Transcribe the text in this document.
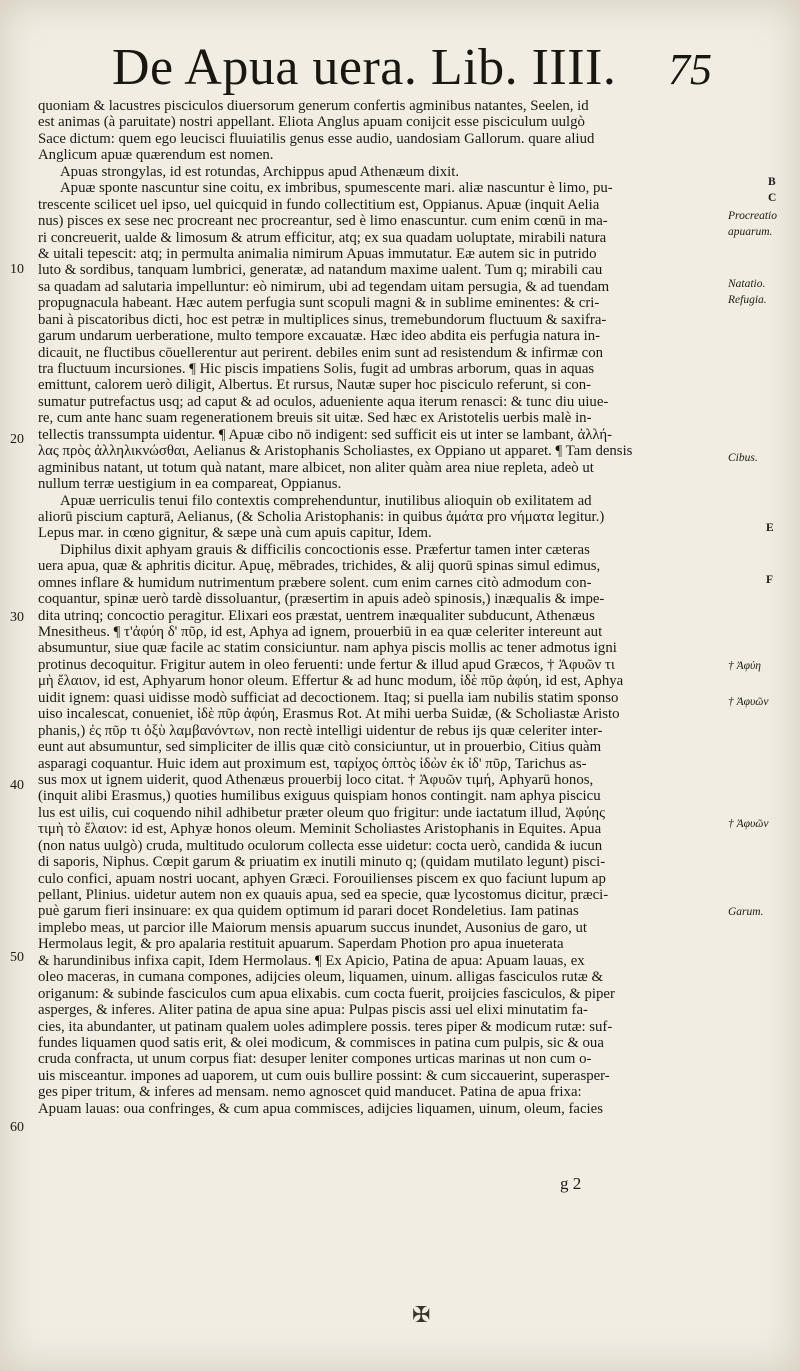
De Apua uera. Lib. IIII. 75
quoniam & lacustres pisciculos diuersorum generum confertis agminibus natantes, Seelen, id
est animas (à paruitate) nostri appellant. Eliota Anglus apuam conijcit esse pisciculum uulgò
Sace dictum: quem ego leucisci fluuiatilis genus esse audio, uandosiam Gallorum. quare aliud
Anglicum apuæ quærendum est nomen.
Apuas strongylas, id est rotundas, Archippus apud Athenæum dixit.
Apuæ sponte nascuntur sine coitu, ex imbribus, spumescente mari. aliæ nascuntur è limo, pu-
trescente scilicet uel ipso, uel quicquid in fundo collectitium est, Oppianus. Apuæ (inquit Aelia
nus) pisces ex sese nec procreant nec procreantur, sed è limo enascuntur. cum enim cœnū in ma-
ri concreuerit, ualde & limosum & atrum efficitur, atq; ex sua quadam uoluptate, mirabili natura
& uitali tepescit: atq; in permulta animalia nimirum Apuas immutatur. Eæ autem sic in putrido
luto & sordibus, tanquam lumbrici, generatæ, ad natandum maxime ualent. Tum q; mirabili cau
sa quadam ad salutaria impelluntur: eò nimirum, ubi ad tegendam uitam persugia, & ad tuendam
propugnacula habeant. Hæc autem perfugia sunt scopuli magni & in sublime eminentes: & cri-
bani à piscatoribus dicti, hoc est petræ in multiplices sinus, tremebundorum fluctuum & saxifra-
garum undarum uerberatione, multo tempore excauatæ. Hæc ideo abdita eis perfugia natura in-
dicauit, ne fluctibus cōuellerentur aut perirent. debiles enim sunt ad resistendum & infirmæ con
tra fluctuum incursiones. ¶ Hic piscis impatiens Solis, fugit ad umbras arborum, quas in aquas
emittunt, calorem uerò diligit, Albertus. Et rursus, Nautæ super hoc pisciculo referunt, si con-
sumatur putrefactus usq; ad caput & ad oculos, aduenientе aqua iterum renasci: & tunc diu uiue-
re, cum ante hanc suam regenerationem breuis sit uitæ. Sed hæc ex Aristotelis uerbis malè in-
tellectis transsumpta uidentur. ¶ Apuæ cibo nō indigent: sed sufficit eis ut inter se lambant, ἀλλή-
λας πρὸς ἀλληλικνώσθαι, Aelianus & Aristophanis Scholiastes, ex Oppiano ut apparet. ¶ Tam densis
agminibus natant, ut totum quà natant, mare albicet, non aliter quàm area niue repleta, adeò ut
nullum terræ uestigium in ea compareat, Oppianus.
Apuæ uerriculis tenui filo contextis comprehenduntur, inutilibus alioquin ob exilitatem ad
aliorū piscium capturā, Aelianus, (& Scholia Aristophanis: in quibus ἀμάτα pro νήματα legitur.)
Lepus mar. in cœno gignitur, & sæpe unà cum apuis capitur, Idem.
Diphilus dixit aphyam grauis & difficilis concoctionis esse. Præfertur tamen inter cæteras
uera apua, quæ & aphritis dicitur. Apuę, mēbrades, trichides, & alij quorū spinas simul edimus,
omnes inflare & humidum nutrimentum præbere solent. cum enim carnes citò admodum con-
coquantur, spinæ uerò tardè dissoluantur, (præsertim in apuis adeò spinosis,) inæqualis & impe-
dita utrinq; concoctio peragitur. Elixari eos præstat, uentrem inæqualiter subducunt, Athenæus
Mnesitheus. ¶ τ'ἀφύη δ' πῦρ, id est, Aphya ad ignem, prouerbiū in ea quæ celeriter intereunt aut
absumuntur, siue quæ facile ac statim consiciuntur. nam aphya piscis mollis ac tener admotus igni
protinus decoquitur. Frigitur autem in oleo feruenti: unde fertur & illud apud Græcos, † Ἀφυῶν τι
μὴ ἔλαιον, id est, Aphyarum honor oleum. Effertur & ad hunc modum, ἰδὲ πῦρ ἀφύη, id est, Aphya
uidit ignem: quasi uidisse modò sufficiat ad decoctionem. Itaq; si puella iam nubilis statim sponso
uiso incalescat, conueniet, ἰδὲ πῦρ ἀφύη, Erasmus Rot. At mihi uerba Suidæ, (& Scholiastæ Aristo
phanis,) ἐς πῦρ τι ὀξὺ λαμβανόντων, non rectè intelligi uidentur de rebus ijs quæ celeriter inter-
eunt aut absumuntur, sed simpliciter de illis quæ citò consiciuntur, ut in prouerbio, Citius quàm
asparagi coquantur. Huic idem aut proximum est, ταρίχος ὀπτὸς ἰδὼν ἐκ ἰδ' πῦρ, Tarichus as-
sus mox ut ignem uiderit, quod Athenæus prouerbij loco citat. † Ἀφυῶν τιμή, Aphyarū honos,
(inquit alibi Erasmus,) quoties humilibus exiguus quispiam honos contingit. nam aphya piscicu
lus est uilis, cui coquendo nihil adhibetur præter oleum quo frigitur: unde iactatum illud, Ἀφύης
τιμὴ τὸ ἔλαιον: id est, Aphyæ honos oleum. Meminit Scholiastes Aristophanis in Equites. Apua
(non natus uulgò) cruda, multitudo oculorum collecta esse uidetur: cocta uerò, candida & iucun
di saporis, Niphus. Cœpit garum & priuatim ex inutili minuto q; (quidam mutilato legunt) pisci-
culo confici, apuam nostri uocant, aphyen Græci. Forouilienses piscem ex quo faciunt lupum ap
pellant, Plinius. uidetur autem non ex quauis apua, sed ea specie, quæ lycostomus dicitur, præci-
puè garum fieri insinuare: ex qua quidem optimum id parari docet Rondeletius. Iam patinas
implebo meas, ut parcior ille Maiorum mensis apuarum succus inundet, Ausonius de garo, ut
Hermolaus legit, & pro apalaria restituit apuarum. Saperdam Photion pro apua inueterata
& harundinibus infixa capit, Idem Hermolaus. ¶ Ex Apicio, Patina de apua: Apuam lauas, ex
oleo maceras, in cumana compones, adijcies oleum, liquamen, uinum. alligas fasciculos rutæ &
origanum: & subinde fasciculos cum apua elixabis. cum cocta fuerit, proijcies fasciculos, & piper
asperges, & inferes. Aliter patina de apua sine apua: Pulpas piscis assi uel elixi minutatim fa-
cies, ita abundanter, ut patinam qualem uoles adimplere possis. teres piper & modicum rutæ: suf-
fundes liquamen quod satis erit, & olei modicum, & commisces in patina cum pulpis, sic & oua
cruda confracta, ut unum corpus fiat: desuper leniter compones urticas marinas ut non cum o-
uis misceantur. impones ad uaporem, ut cum ouis bullire possint: & cum siccauerint, superasper-
ges piper tritum, & inferes ad mensam. nemo agnoscet quid manducet. Patina de apua frixa:
Apuam lauas: oua confringes, & cum apua commisces, adijcies liquamen, uinum, oleum, facies
10
20
30
40
50
60
B
C
Procreatio
apuarum.
Natatio.
Refugia.
Cibus.
E
F
† Ἀφύη
† Ἀφυῶν
† Ἀφυῶν
Garum.
g 2
✠
